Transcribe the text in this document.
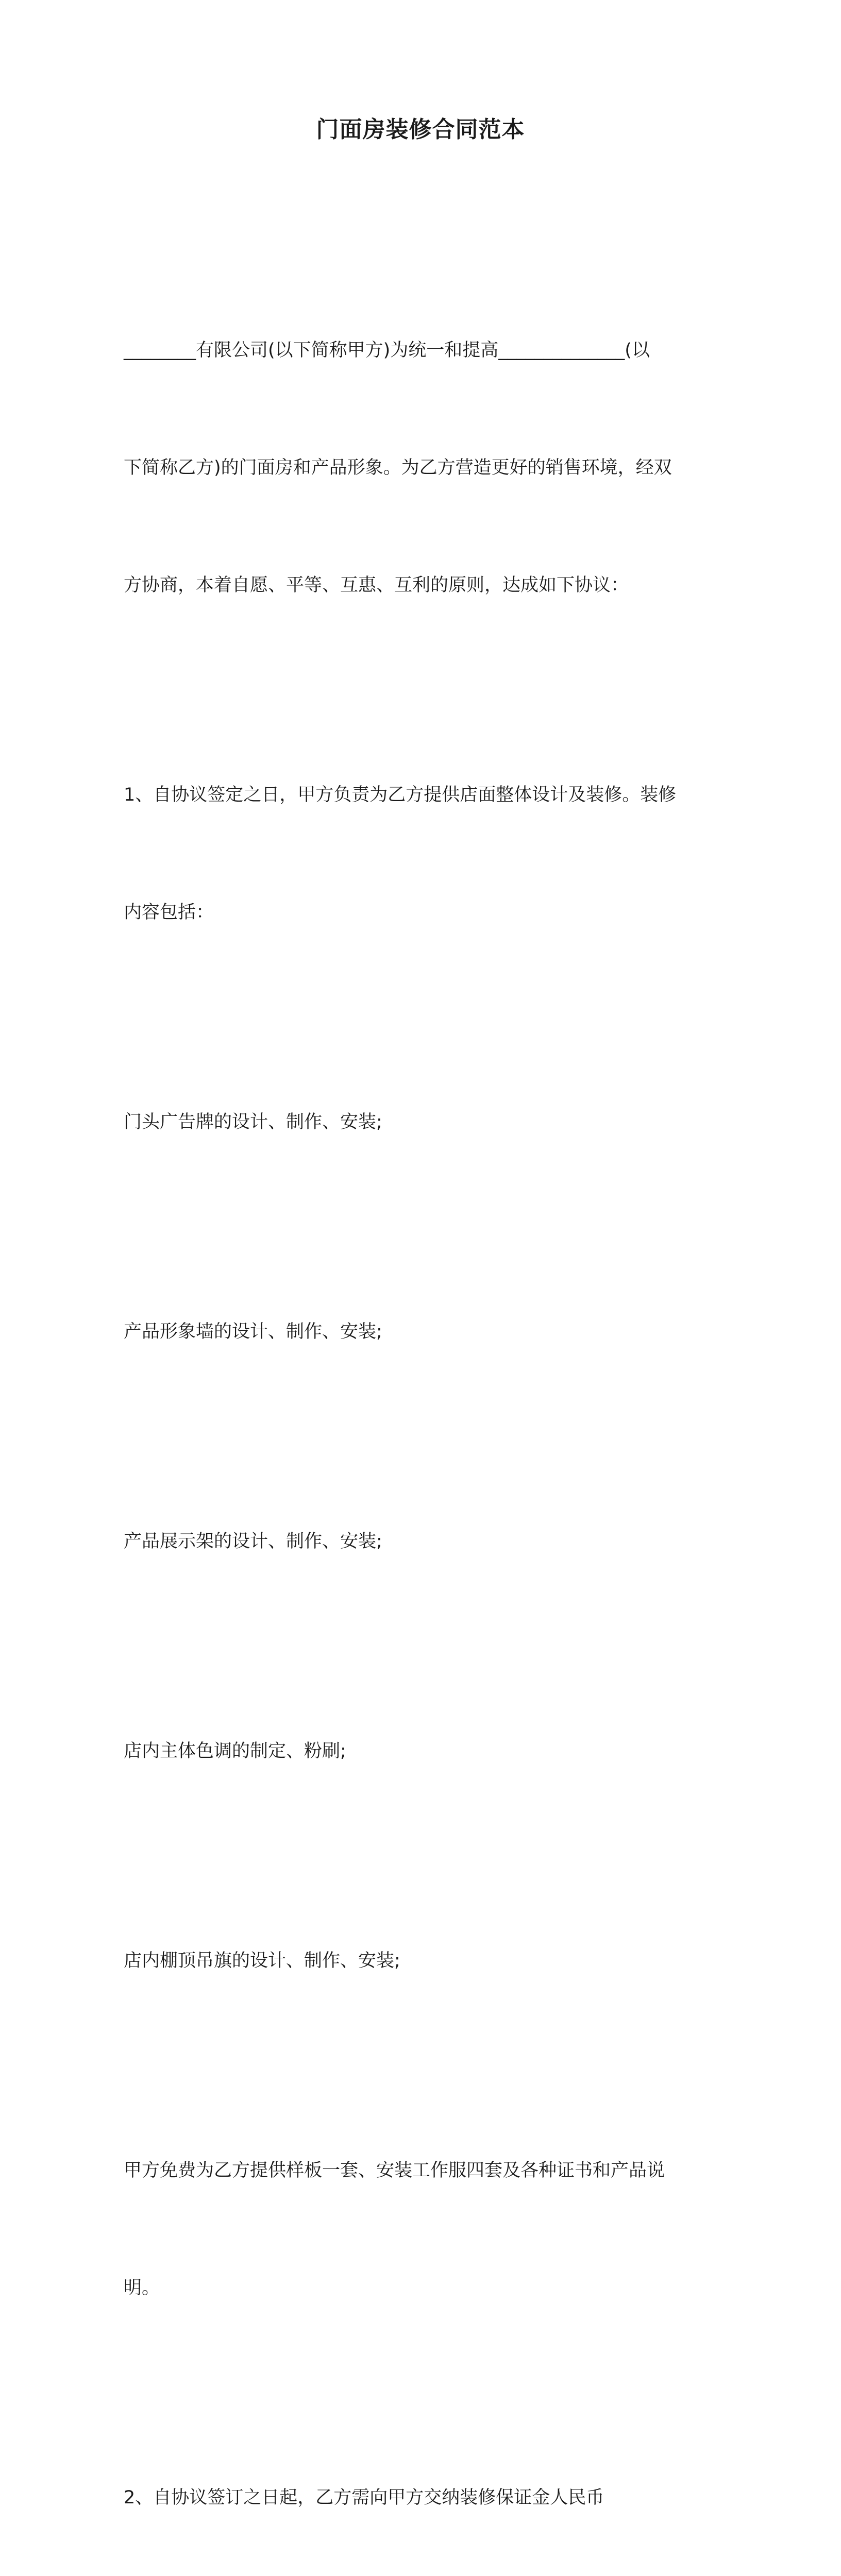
门面房装修合同范本

________有限公司(以下简称甲方)为统一和提高______________(以

下简称乙方)的门面房和产品形象。为乙方营造更好的销售环境，经双

方协商，本着自愿、平等、互惠、互利的原则，达成如下协议：

1、自协议签定之日，甲方负责为乙方提供店面整体设计及装修。装修

内容包括：

门头广告牌的设计、制作、安装;

产品形象墙的设计、制作、安装;

产品展示架的设计、制作、安装;

店内主体色调的制定、粉刷;

店内棚顶吊旗的设计、制作、安装;

甲方免费为乙方提供样板一套、安装工作服四套及各种证书和产品说

明。

2、自协议签订之日起，乙方需向甲方交纳装修保证金人民币
